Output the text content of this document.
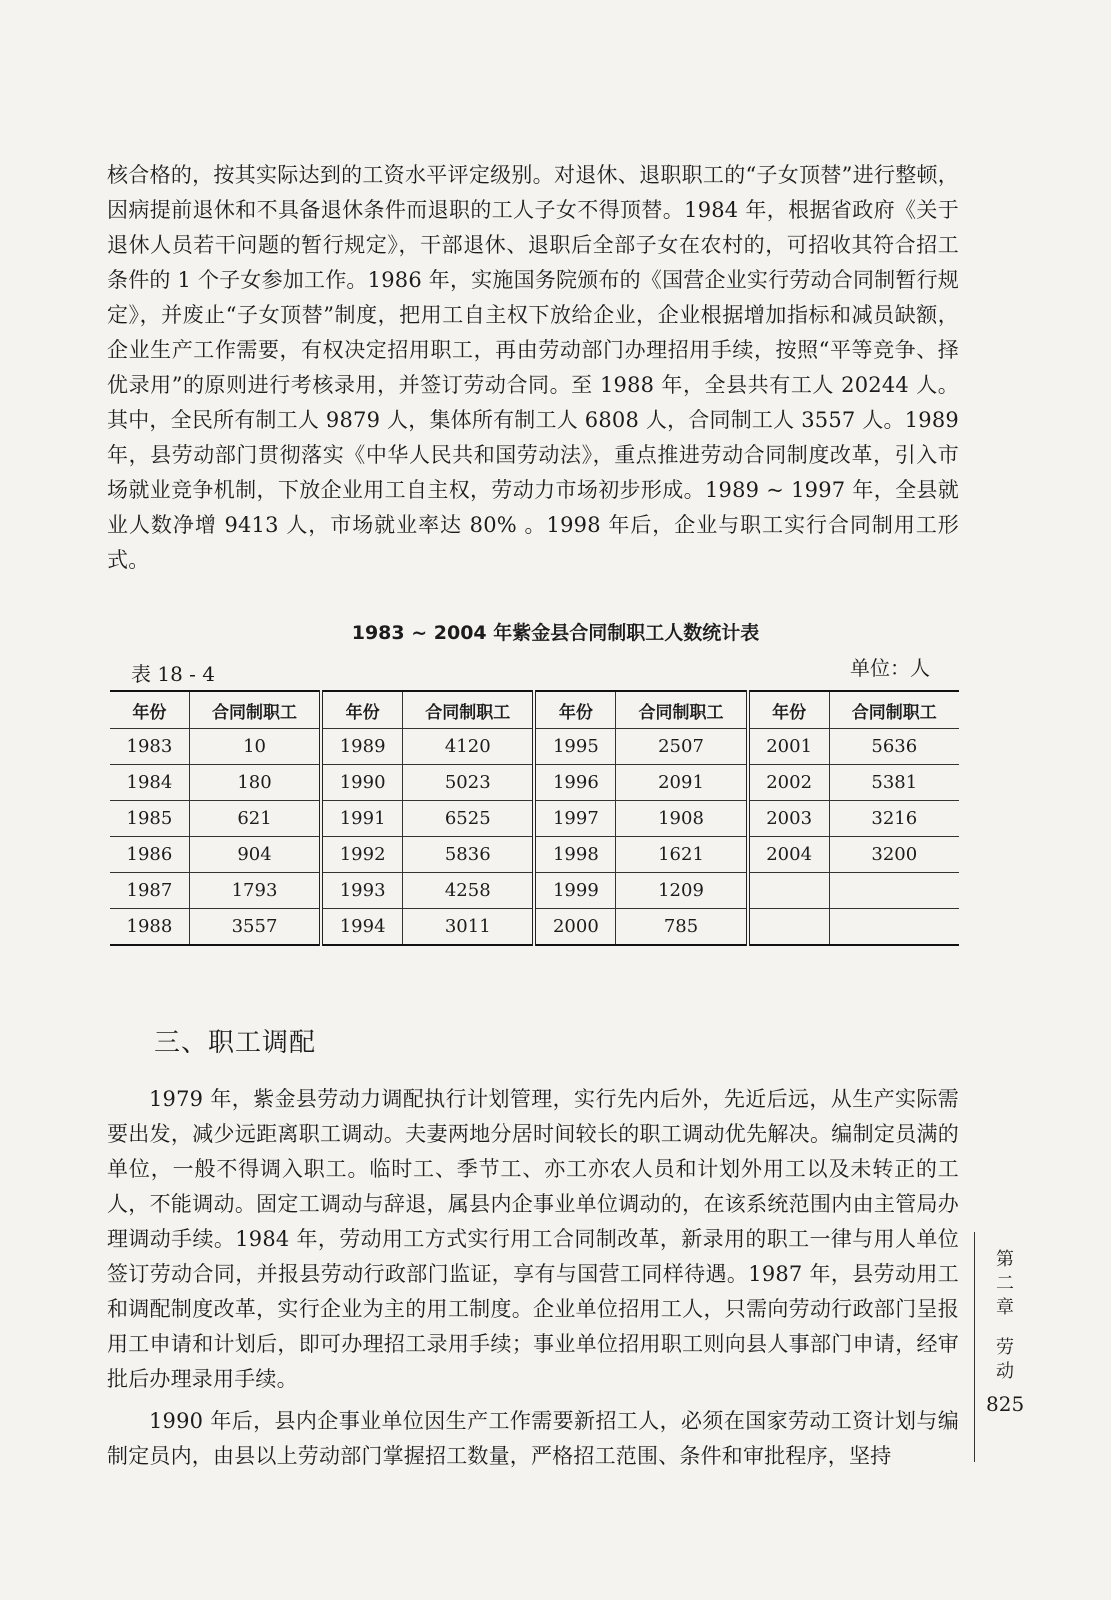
核合格的，按其实际达到的工资水平评定级别。对退休、退职职工的“子女顶替”进行整顿，因病提前退休和不具备退休条件而退职的工人子女不得顶替。1984 年，根据省政府《关于退休人员若干问题的暂行规定》，干部退休、退职后全部子女在农村的，可招收其符合招工条件的 1 个子女参加工作。1986 年，实施国务院颁布的《国营企业实行劳动合同制暂行规定》，并废止“子女顶替”制度，把用工自主权下放给企业，企业根据增加指标和减员缺额，企业生产工作需要，有权决定招用职工，再由劳动部门办理招用手续，按照“平等竞争、择优录用”的原则进行考核录用，并签订劳动合同。至 1988 年，全县共有工人 20244 人。其中，全民所有制工人 9879 人，集体所有制工人 6808 人，合同制工人 3557 人。1989 年，县劳动部门贯彻落实《中华人民共和国劳动法》，重点推进劳动合同制度改革，引入市场就业竞争机制，下放企业用工自主权，劳动力市场初步形成。1989 ~ 1997 年，全县就业人数净增 9413 人，市场就业率达 80% 。1998 年后，企业与职工实行合同制用工形式。

1983 ~ 2004 年紫金县合同制职工人数统计表
表 18 - 4	单位：人
年份	合同制职工	年份	合同制职工	年份	合同制职工	年份	合同制职工
1983	10	1989	4120	1995	2507	2001	5636
1984	180	1990	5023	1996	2091	2002	5381
1985	621	1991	6525	1997	1908	2003	3216
1986	904	1992	5836	1998	1621	2004	3200
1987	1793	1993	4258	1999	1209		
1988	3557	1994	3011	2000	785		
三、职工调配

1979 年，紫金县劳动力调配执行计划管理，实行先内后外，先近后远，从生产实际需要出发，减少远距离职工调动。夫妻两地分居时间较长的职工调动优先解决。编制定员满的单位，一般不得调入职工。临时工、季节工、亦工亦农人员和计划外用工以及未转正的工人，不能调动。固定工调动与辞退，属县内企事业单位调动的，在该系统范围内由主管局办理调动手续。1984 年，劳动用工方式实行用工合同制改革，新录用的职工一律与用人单位签订劳动合同，并报县劳动行政部门监证，享有与国营工同样待遇。1987 年，县劳动用工和调配制度改革，实行企业为主的用工制度。企业单位招用工人，只需向劳动行政部门呈报用工申请和计划后，即可办理招工录用手续；事业单位招用职工则向县人事部门申请，经审批后办理录用手续。

1990 年后，县内企事业单位因生产工作需要新招工人，必须在国家劳动工资计划与编制定员内，由县以上劳动部门掌握招工数量，严格招工范围、条件和审批程序，坚持

第二章
劳动
825
